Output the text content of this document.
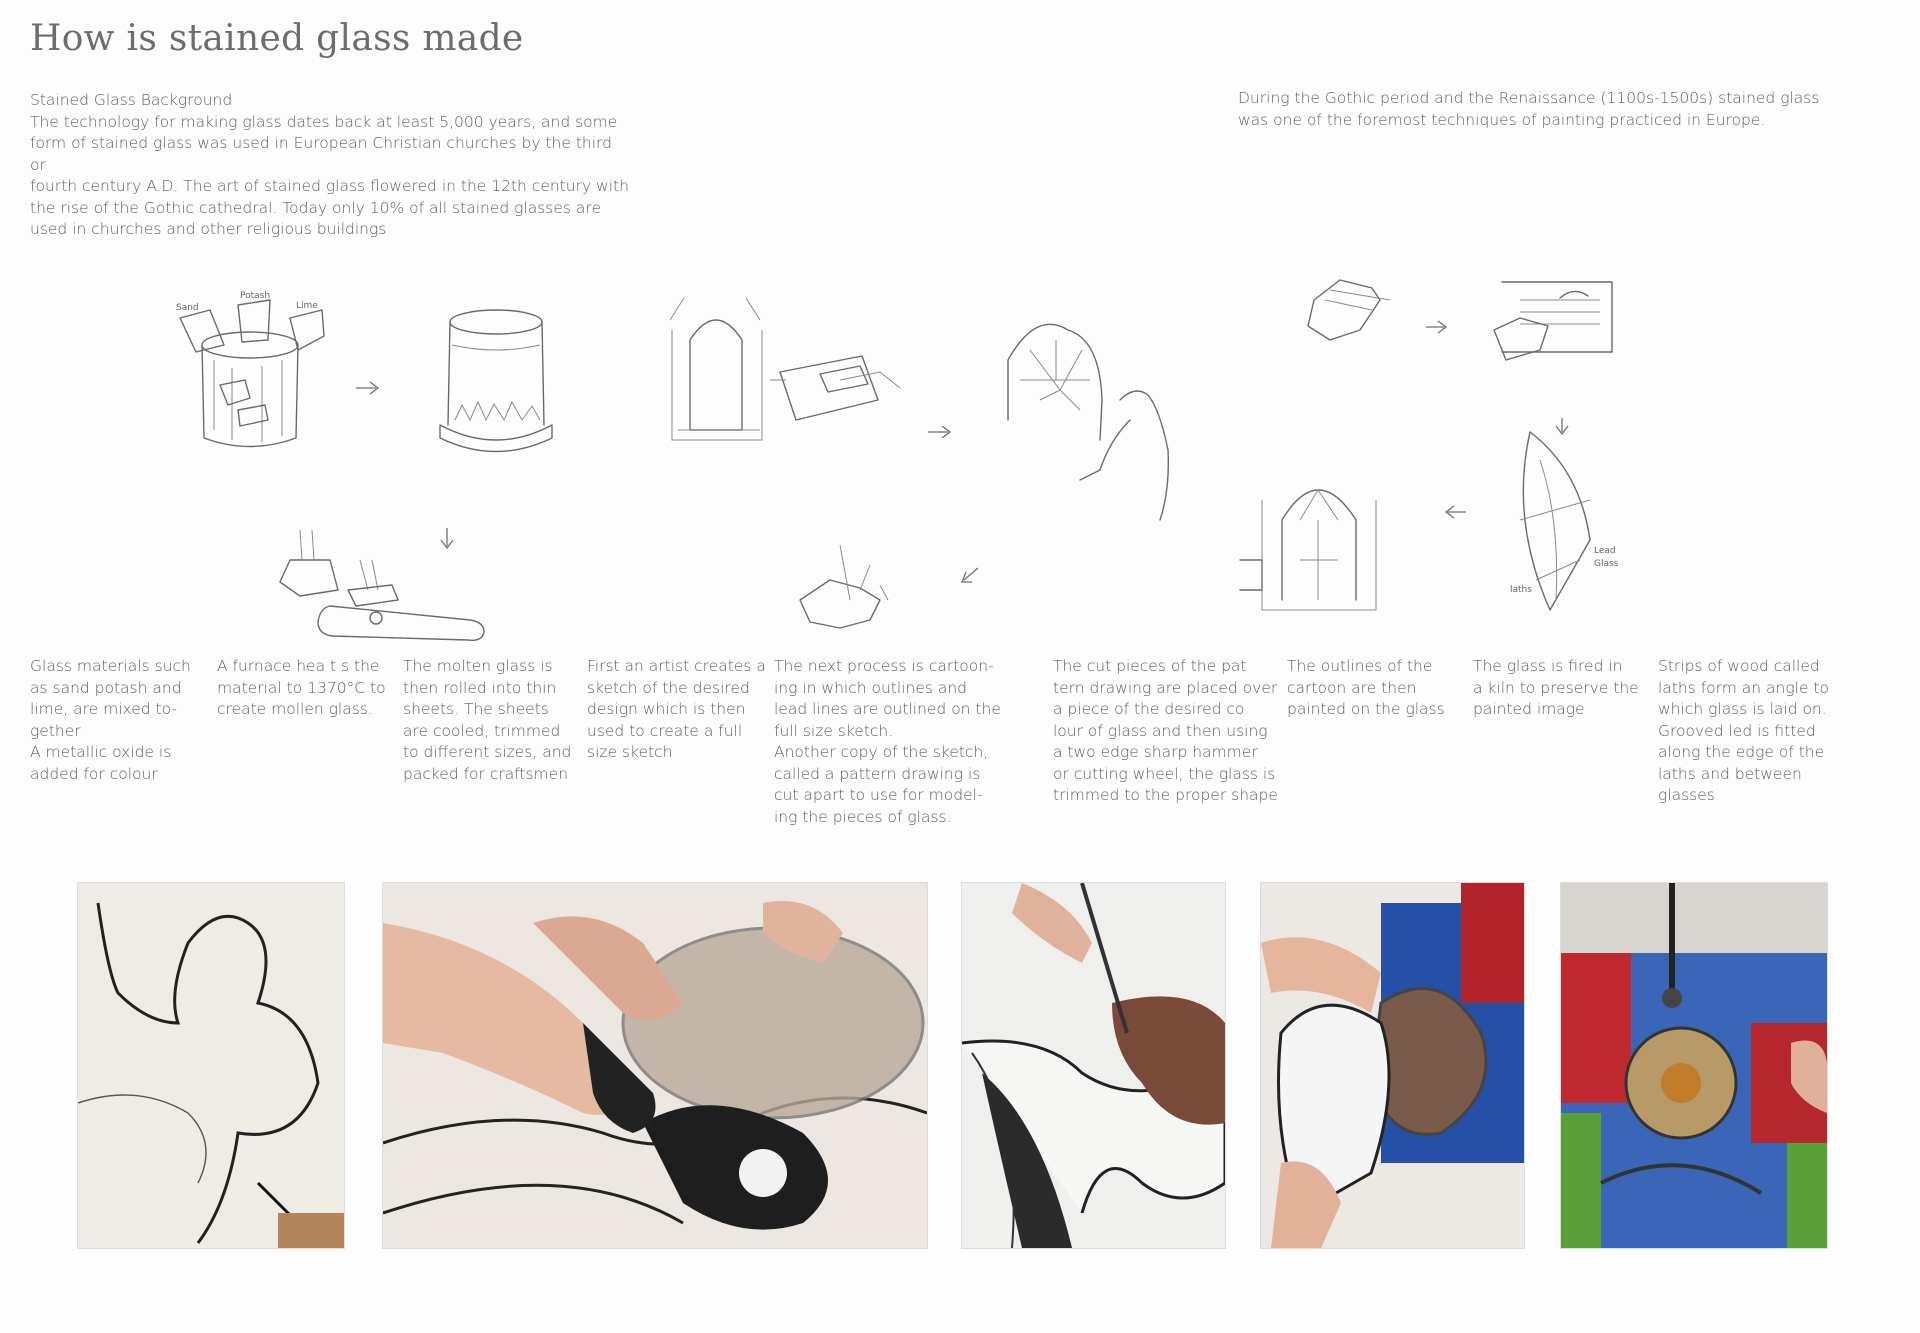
How is stained glass made
Stained Glass Background
The technology for making glass dates back at least 5,000 years, and some
form of stained glass was used in European Christian churches by the third or
fourth century A.D. The art of stained glass flowered in the 12th century with
the rise of the Gothic cathedral. Today only 10% of all stained glasses are
used in churches and other religious buildings
During the Gothic period and the Renaissance (1100s-1500s) stained glass
was one of the foremost techniques of painting practiced in Europe.
Sand
Potash
Lime
Lead
Glass
laths
Glass materials such
as sand potash and
lime, are mixed to-
gether
A metallic oxide is
added for colour
A furnace hea t s the
material to 1370°C to
create mollen glass.
The molten glass is
then rolled into thin
sheets. The sheets
are cooled, trimmed
to different sizes, and
packed for craftsmen
First an artist creates a
sketch of the desired
design which is then
used to create a full
size sketch
The next process is cartoon-
ing in which outlines and
lead lines are outlined on the
full size sketch.
Another copy of the sketch,
called a pattern drawing is
cut apart to use for model-
ing the pieces of glass.
The cut pieces of the pat
tern drawing are placed over
a piece of the desired co
lour of glass and then using
a two edge sharp hammer
or cutting wheel, the glass is
trimmed to the proper shape
The outlines of the
cartoon are then
painted on the glass
The glass is fired in
a kiln to preserve the
painted image
Strips of wood called
laths form an angle to
which glass is laid on.
Grooved led is fitted
along the edge of the
laths and between
glasses
